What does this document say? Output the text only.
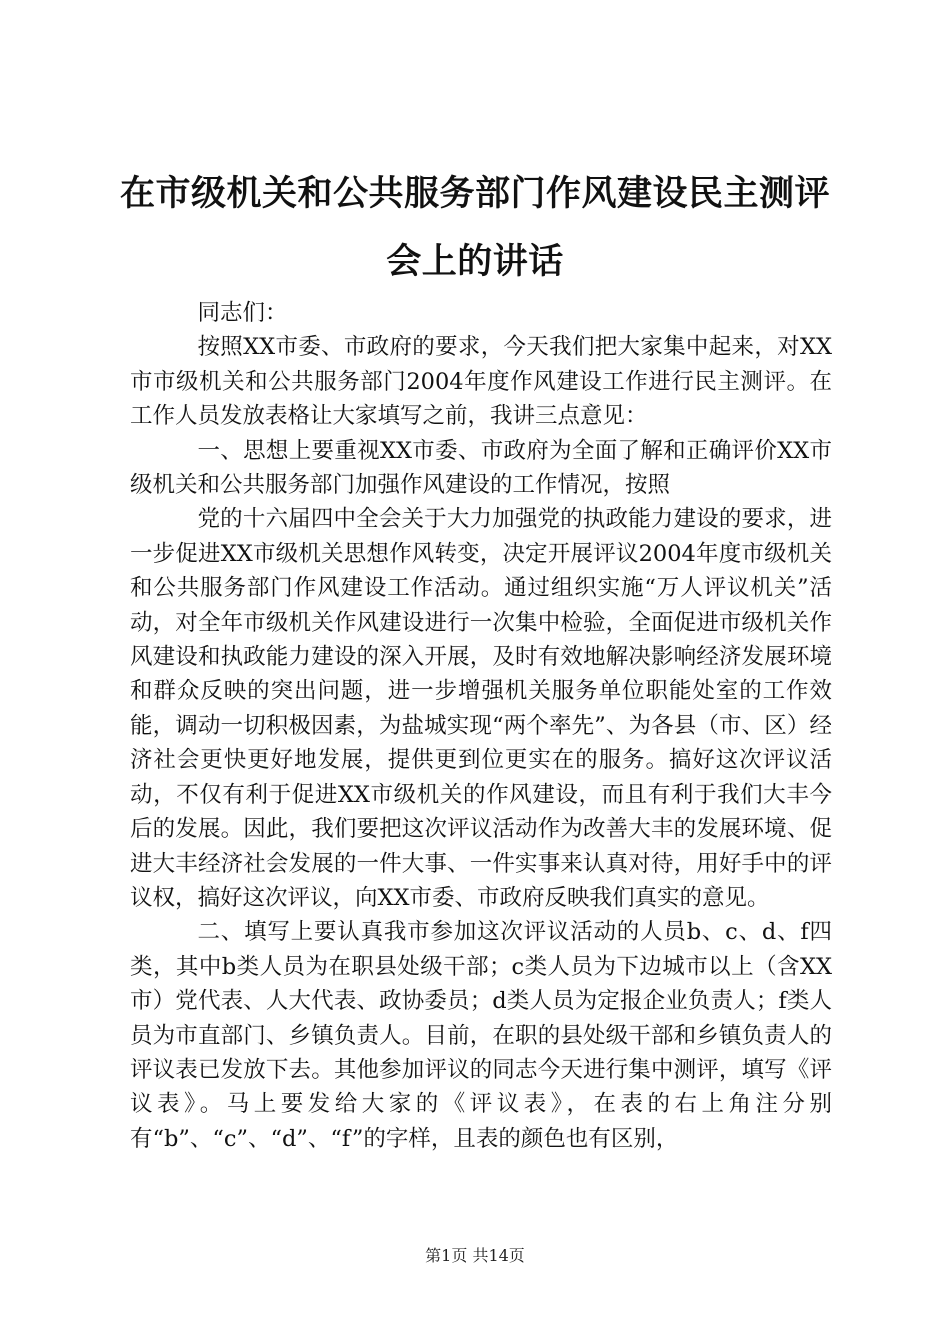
在市级机关和公共服务部门作风建设民主测评
会上的讲话

同志们：

按照XX市委、市政府的要求，今天我们把大家集中起来，对XX市市级机关和公共服务部门2004年度作风建设工作进行民主测评。在工作人员发放表格让大家填写之前，我讲三点意见：

一、思想上要重视XX市委、市政府为全面了解和正确评价XX市级机关和公共服务部门加强作风建设的工作情况，按照

党的十六届四中全会关于大力加强党的执政能力建设的要求，进一步促进XX市级机关思想作风转变，决定开展评议2004年度市级机关和公共服务部门作风建设工作活动。通过组织实施“万人评议机关”活动，对全年市级机关作风建设进行一次集中检验，全面促进市级机关作风建设和执政能力建设的深入开展，及时有效地解决影响经济发展环境和群众反映的突出问题，进一步增强机关服务单位职能处室的工作效能，调动一切积极因素，为盐城实现“两个率先”、为各县（市、区）经济社会更快更好地发展，提供更到位更实在的服务。搞好这次评议活动，不仅有利于促进XX市级机关的作风建设，而且有利于我们大丰今后的发展。因此，我们要把这次评议活动作为改善大丰的发展环境、促进大丰经济社会发展的一件大事、一件实事来认真对待，用好手中的评议权，搞好这次评议，向XX市委、市政府反映我们真实的意见。

二、填写上要认真我市参加这次评议活动的人员b、c、d、f四类，其中b类人员为在职县处级干部；c类人员为下边城市以上（含XX市）党代表、人大代表、政协委员；d类人员为定报企业负责人；f类人员为市直部门、乡镇负责人。目前，在职的县处级干部和乡镇负责人的评议表已发放下去。其他参加评议的同志今天进行集中测评，填写《评议表》。马上要发给大家的《评议表》，在表的右上角注分别有“b”、“c”、“d”、“f”的字样，且表的颜色也有区别，

第1页 共14页
